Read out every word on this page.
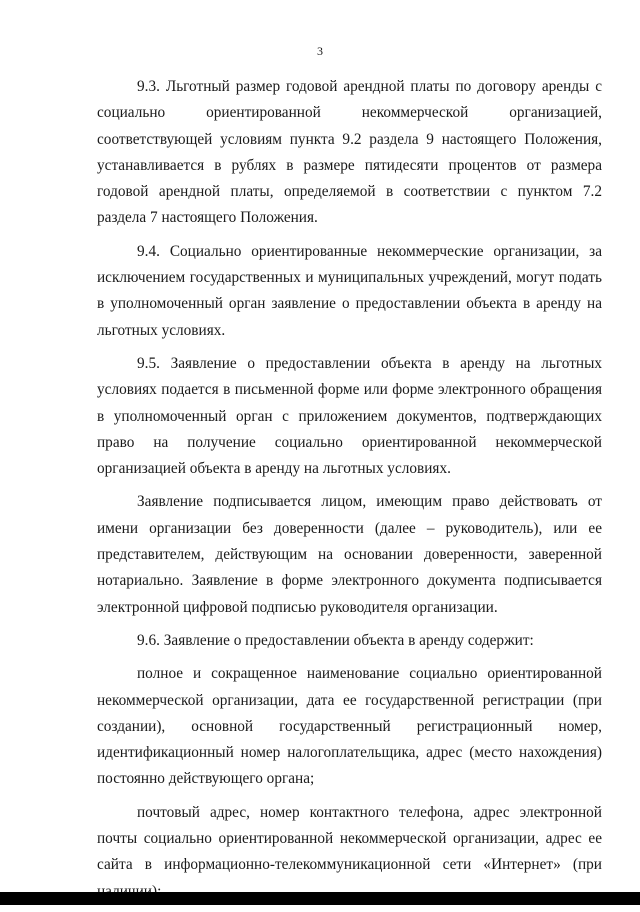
3

9.3. Льготный размер годовой арендной платы по договору аренды с социально ориентированной некоммерческой организацией, соответствующей условиям пункта 9.2 раздела 9 настоящего Положения, устанавливается в рублях в размере пятидесяти процентов от размера годовой арендной платы, определяемой в соответствии с пунктом 7.2 раздела 7 настоящего Положения.

9.4. Социально ориентированные некоммерческие организации, за исключением государственных и муниципальных учреждений, могут подать в уполномоченный орган заявление о предоставлении объекта в аренду на льготных условиях.

9.5. Заявление о предоставлении объекта в аренду на льготных условиях подается в письменной форме или форме электронного обращения в уполномоченный орган с приложением документов, подтверждающих право на получение социально ориентированной некоммерческой организацией объекта в аренду на льготных условиях.

Заявление подписывается лицом, имеющим право действовать от имени организации без доверенности (далее – руководитель), или ее представителем, действующим на основании доверенности, заверенной нотариально. Заявление в форме электронного документа подписывается электронной цифровой подписью руководителя организации.

9.6. Заявление о предоставлении объекта в аренду содержит:

полное и сокращенное наименование социально ориентированной некоммерческой организации, дата ее государственной регистрации (при создании), основной государственный регистрационный номер, идентификационный номер налогоплательщика, адрес (место нахождения) постоянно действующего органа;

почтовый адрес, номер контактного телефона, адрес электронной почты социально ориентированной некоммерческой организации, адрес ее сайта в информационно-телекоммуникационной сети «Интернет» (при
